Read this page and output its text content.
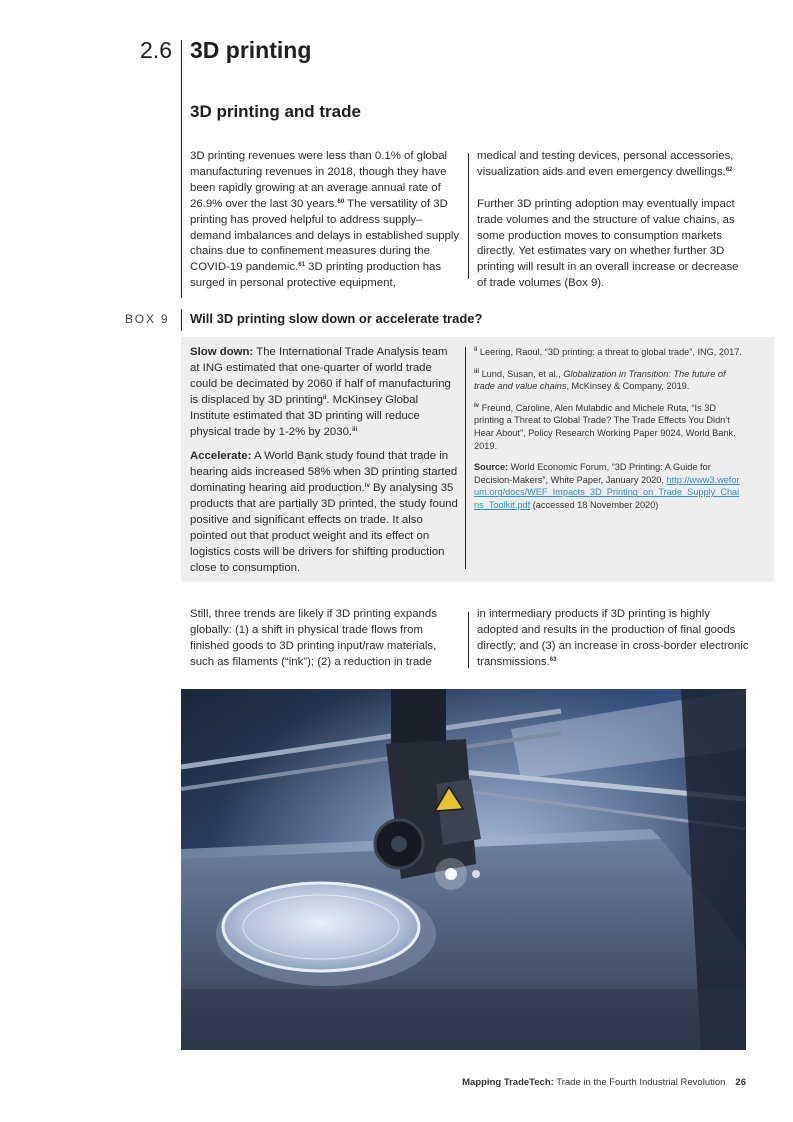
2.6 3D printing
3D printing and trade

3D printing revenues were less than 0.1% of global manufacturing revenues in 2018, though they have been rapidly growing at an average annual rate of 26.9% over the last 30 years.$^{60}$ The versatility of 3D printing has proved helpful to address supply–demand imbalances and delays in established supply chains due to confinement measures during the COVID-19 pandemic.$^{61}$ 3D printing production has surged in personal protective equipment,

medical and testing devices, personal accessories, visualization aids and even emergency dwellings.$^{62}$

Further 3D printing adoption may eventually impact trade volumes and the structure of value chains, as some production moves to consumption markets directly. Yet estimates vary on whether further 3D printing will result in an overall increase or decrease of trade volumes (Box 9).

BOX 9 Will 3D printing slow down or accelerate trade?

Slow down: The International Trade Analysis team at ING estimated that one-quarter of world trade could be decimated by 2060 if half of manufacturing is displaced by 3D printing$^{ii}$. McKinsey Global Institute estimated that 3D printing will reduce physical trade by 1-2% by 2030.$^{iii}$

Accelerate: A World Bank study found that trade in hearing aids increased 58% when 3D printing started dominating hearing aid production.$^{iv}$ By analysing 35 products that are partially 3D printed, the study found positive and significant effects on trade. It also pointed out that product weight and its effect on logistics costs will be drivers for shifting production close to consumption.

$^{ii}$ Leering, Raoul, “3D printing: a threat to global trade”, ING, 2017.

$^{iii}$ Lund, Susan, et al., Globalization in Transition: The future of trade and value chains, McKinsey & Company, 2019.

$^{iv}$ Freund, Caroline, Alen Mulabdic and Michele Ruta, “Is 3D printing a Threat to Global Trade? The Trade Effects You Didn’t Hear About”, Policy Research Working Paper 9024, World Bank, 2019.

Source: World Economic Forum, “3D Printing: A Guide for Decision-Makers”, White Paper, January 2020, http://www3.weforum.org/docs/WEF_Impacts_3D_Printing_on_Trade_Supply_Chains_Toolkit.pdf (accessed 18 November 2020)

Still, three trends are likely if 3D printing expands globally: (1) a shift in physical trade flows from finished goods to 3D printing input/raw materials, such as filaments (“ink”); (2) a reduction in trade

in intermediary products if 3D printing is highly adopted and results in the production of final goods directly; and (3) an increase in cross-border electronic transmissions.$^{63}$

Mapping TradeTech: Trade in the Fourth Industrial Revolution 26
